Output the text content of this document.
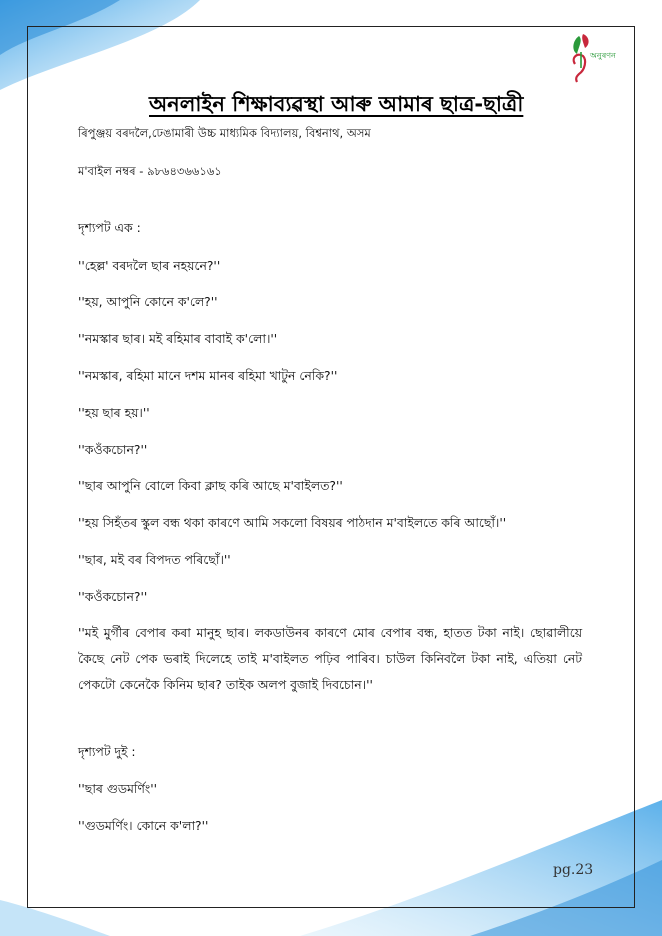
অনুৰণন
অনলাইন শিক্ষাব্যৱস্থা আৰু আমাৰ ছাত্ৰ-ছাত্ৰী
ৰিপুঞ্জয় বৰদলৈ,ঢেঙামাৰী উচ্চ মাধ্যমিক বিদ্যালয়, বিশ্বনাথ, অসম
ম'বাইল নম্বৰ - ৯৮৬৪৩৬৬১৬১
দৃশ্যপট এক :
''হেল্ল' বৰদলৈ ছাৰ নহয়নে?''
''হয়, আপুনি কোনে ক'লে?''
''নমস্কাৰ ছাৰ। মই ৰহিমাৰ বাবাই ক'লো।''
''নমস্কাৰ, ৰহিমা মানে দশম মানৰ ৰহিমা খাটুন নেকি?''
''হয় ছাৰ হয়।''
''কওঁকচোন?''
''ছাৰ আপুনি বোলে কিবা ক্লাছ কৰি আছে ম'বাইলত?''
''হয় সিহঁতৰ স্কুল বন্ধ থকা কাৰণে আমি সকলো বিষয়ৰ পাঠদান ম'বাইলতে কৰি আছোঁ।''
''ছাৰ, মই বৰ বিপদত পৰিছোঁ।''
''কওঁকচোন?''
''মই মুৰ্গীৰ বেপাৰ কৰা মানুহ ছাৰ। লকডাউনৰ কাৰণে মোৰ বেপাৰ বন্ধ, হাতত টকা নাই। ছোৱালীয়ে কৈছে নেট পেক ভৰাই দিলেহে তাই ম'বাইলত পঢ়িব পাৰিব। চাউল কিনিবলৈ টকা নাই, এতিয়া নেট পেকটো কেনেকৈ কিনিম ছাৰ? তাইক অলপ বুজাই দিবচোন।''
দৃশ্যপট দুই :
''ছাৰ গুডমৰ্ণিং''
''গুডমৰ্ণিং। কোনে ক'লা?''
pg.23
